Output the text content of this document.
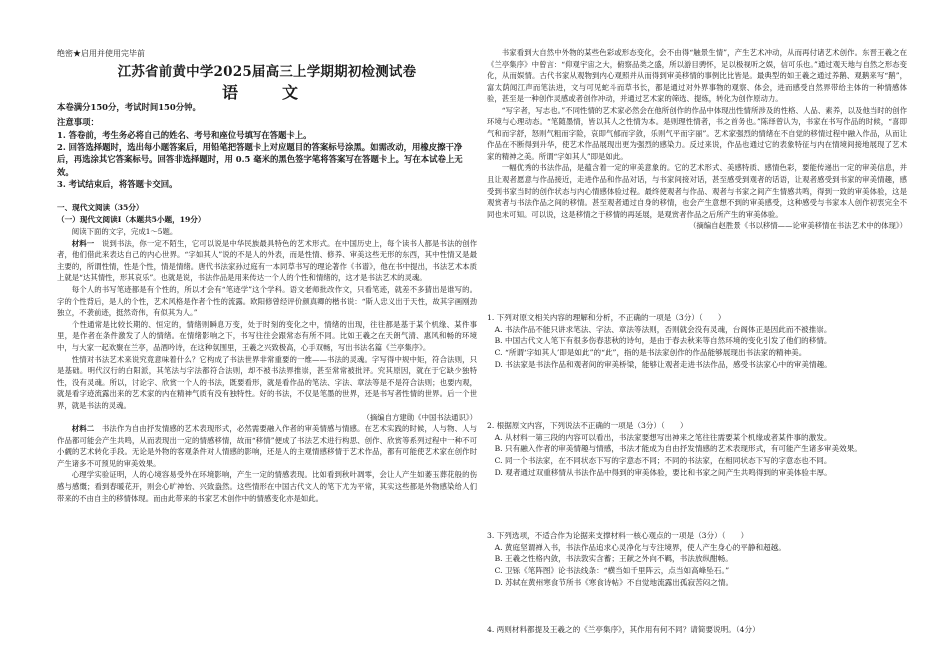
绝密★启用并使用完毕前
江苏省前黄中学2025届高三上学期期初检测试卷
语　文
本卷满分150分，考试时间150分钟。
注意事项：

1. 答卷前，考生务必将自己的姓名、考号和座位号填写在答题卡上。

2. 回答选择题时，选出每小题答案后，用铅笔把答题卡上对应题目的答案标号涂黑。如需改动，用橡皮擦干净后，再选涂其它答案标号。回答非选择题时，用 0.5 毫米的黑色签字笔将答案写在答题卡上。写在本试卷上无效。

3. 考试结束后，将答题卡交回。

一、现代文阅读（35分）
（一）现代文阅读Ⅰ（本题共5小题，19分）

阅读下面的文字，完成1～5题。

材料一　 说到书法，你一定不陌生，它可以说是中华民族最具特色的艺术形式。在中国历史上，每个读书人都是书法的创作者，他们借此来表达自己的内心世界。“字如其人”说的不是人的外表，而是性情、修养、审美这些无形的东西，其中性情又是最主要的，所谓性情，性是个性，情是情绪。唐代书法家孙过庭有一本同草书写的理论著作《书谱》，他在书中提出，书法艺术本质上就是“达其情性，形其哀乐”。也就是说，书法作品是用来传达一个人的个性和情绪的，这才是书法艺术的灵魂。

每个人的书写笔迹都是有个性的，所以才会有“笔迹学”这个学科。语文老师批改作文，只看笔迹，就差不多猜出是谁写的。字的个性背后，是人的个性，艺术风格是作者个性的流露。欧阳修曾经评价颜真卿的楷书说：“斯人忠义出于天性，故其字画刚劲独立，不袭前迹，挺然奇伟，有似其为人。”

个性通常是比较长期的、恒定的，情绪则瞬息万变，处于时刻的变化之中，情绪的出现，往往都是基于某个机缘、某件事里，是作者在条件激发了人的情绪。在情绪影响之下，书写往往会跟常态有所不同。比如王羲之在天朗气清、惠风和畅的环境中，与大家一起欢聚在兰亭，品酒吟诗，在这种氛围里，王羲之兴致极高，心手双畅，写出书法名篇《兰亭集序》。

性情对书法艺术来说究竟意味着什么？它构成了书法世界非常重要的一维——书法的灵魂。字写得中规中矩，符合法则，只是基础。明代汉行的白阳派，其笔法与字法都符合法则，却不被书法界推崇，甚至常常被批评。究其原因，就在于它缺少独特性，没有灵魂。所以，讨论字、欣赏一个人的书法，既要看形，就是看作品的笔法、字法、章法等是不是符合法则；也要内观，就是看字迹流露出来的艺术家的内在精神气质有没有独特性。好的书法，不仅是笔墨的世界，还是书写者性情的世界。后一个世界，就是书法的灵魂。

（摘编自方建勋《中国书法通识》）

材料二　 书法作为自由抒发情感的艺术表现形式，必然需要融入作者的审美情感与情感。在艺术实践的时候，人与物、人与作品都可能会产生共鸣，从而表现出一定的情感移情，故而“移情”便成了书法艺术进行构思、创作、欣赏等系列过程中一种不可小觑的艺术转化手段。无论是外物的客观条件对人情感的影响，还是人的主观情感移情于艺术作品，都有可能使艺术家在创作时产生诸多不可预见的审美效果。

心理学实验证明，人的心境容易受外在环境影响，产生一定的情感表现。比如看到秋叶凋零，会让人产生如萎玉葬花般的伤感与感慨；看到春暖花开，则会心旷神怡、兴致盎然。这些情形在中国古代文人的笔下尤为平常，其实这些都是外物感染给人们带来的不由自主的移情体现。而由此带来的书家艺术创作中的情感变化亦是如此。

书家看到大自然中外物的某些色彩或形态变化，会不由得“触景生情”，产生艺术冲动，从而再付诸艺术创作。东晋王羲之在《兰亭集序》中曾言：“仰观宇宙之大，俯察品类之盛，所以游目骋怀，足以极视听之娱，信可乐也。”通过观天地与自然之形态变化，从而娱情。古代书家从观物到内心观照并从而得到审美移情的事例比比皆是。最典型的如王羲之通过养鹅、观鹅来写“鹅”，富太荫闻江声而笔法进，文与可见蛇斗而草书长，都是通过对外界事物的观察、体会，进而感受自然界带给主体的一种情感体验，甚至是一种创作灵感或者创作冲动，并通过艺术家的筛选、提炼，转化为创作原动力。

“写字者，写志也。”不同性情的艺术家必然会在他所创作的作品中体现出性情所涉及的性格、人品、素养，以及他当时的创作环境与心理动态。“笔随墨情，皆以其人之性情为本。是则理性情者，书之首务也。”陈绎曾认为，书家在书写作品的时候，“喜即气和而字舒，怒则气粗而字险，哀即气郁而字敛，乐则气平而字丽”。艺术家强烈的情绪在不自觉的移情过程中融入作品，从而让作品在不断得到升华，使艺术作品展现出更为强烈的感染力。反过来说，作品也通过它的表象特征与内在情境间接地展现了艺术家的精神之美。所谓“字如其人”即是如此。

一幅优秀的书法作品，是蕴含着一定的审美意象的。它的艺术形式、美感特质、感情色彩，要能传递出一定的审美信息，并且让观者愿意与作品接近，走进作品和作品对话，与书家间接对话，甚至感受到观者的话语，让观者感受到书家的审美情趣，感受到书家当时的创作状态与内心情感体验过程。最终使观者与作品、观者与书家之间产生情感共鸣，得到一致的审美体验，这是观赏者与书法作品之间的移情。甚至观者通过自身的移情，也会产生意想不到的审美感受，这种感受与书家本人创作初衷完全不同也未可知。可以说，这是移情之于移情的再延展，是观赏者作品之后所产生的审美体验。

（摘编自赵胜景《书以移情——论审美移情在书法艺术中的体现》）

1. 下列对原文相关内容的理解和分析，不正确的一项是（3分）（　　）

A. 书法作品不能只讲求笔法、字法、章法等法则，否则就会没有灵魂，台阁体正是因此而不被推崇。

B. 中国古代文人笔下有很多伤春悲秋的诗句，是由于春去秋来等自然环境的变化引发了他们的移情。

C. “所谓‘字如其人’即是如此”的“此”，指的是书法家创作的作品能够展现出书法家的精神美。

D. 书法家是书法作品和观者间的审美桥梁，能够让观者走进书法作品，感受书法家心中的审美情趣。

2. 根据原文内容，下列说法不正确的一项是（3分）（　　）

A. 从材料一第三段的内容可以看出，书法家要想写出神来之笔往往需要某个机缘或者某件事的激发。

B. 只有融入作者的审美情趣与情感，书法才能成为自由抒发情感的艺术表现形式，有可能产生诸多审美效果。

C. 同一个书法家，在不同状态下写的字意态不同；不同的书法家，在相同状态下写的字意态也不同。

D. 观者通过双重移情从书法作品中得到的审美体验，要比和书家之间产生共鸣得到的审美体验丰厚。

3. 下列选项，不适合作为论据来支撑材料一核心观点的一项是（3分）（　　）

A. 黄庭坚谓禅入书，书法作品追求心灵净化与专注境界，使人产生身心的平静和超越。

B. 王羲之性格内敛，书法敦实含蓄；王献之外向不羁，书法放纵酣畅。

C. 卫铄《笔阵图》论书法线条：“横当如千里阵云，点当如高峰坠石。”

D. 苏轼在黄州寒食节所书《寒食诗帖》不自觉地流露出孤寂苦闷之情。

4. 两则材料都提及王羲之的《兰亭集序》，其作用有何不同？请简要说明。（4分）
